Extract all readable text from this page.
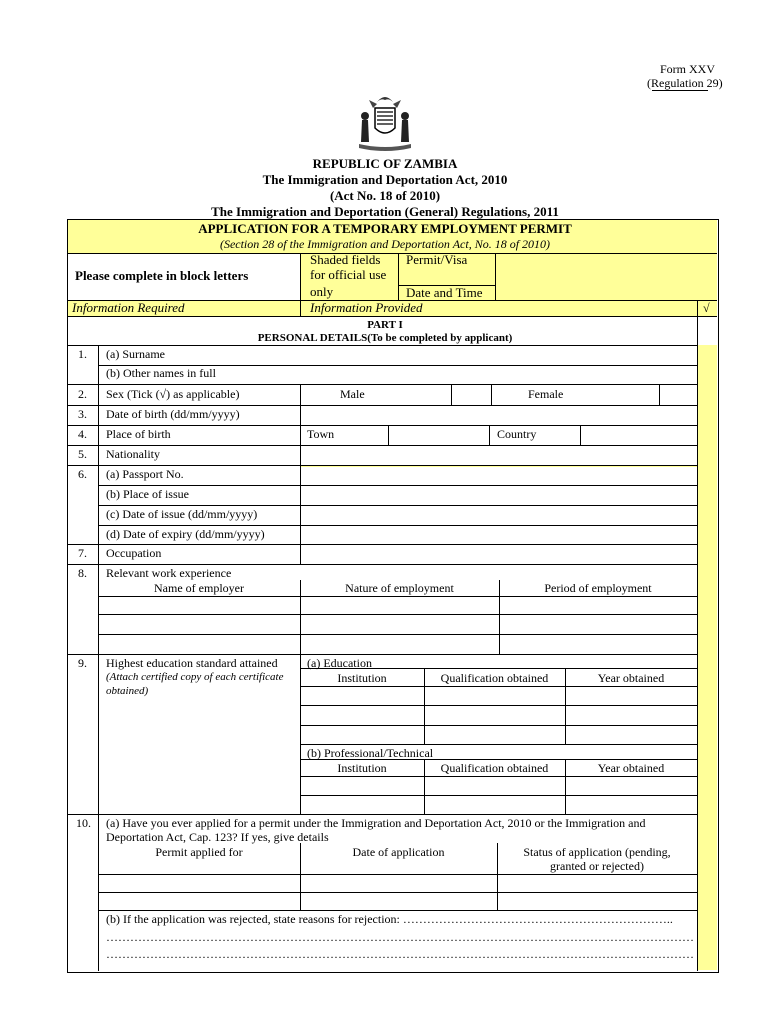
Form XXV
(Regulation 29)
REPUBLIC OF ZAMBIA
The Immigration and Deportation Act, 2010
(Act No. 18 of 2010)
The Immigration and Deportation (General) Regulations, 2011
APPLICATION FOR A TEMPORARY EMPLOYMENT PERMIT
(Section 28 of the Immigration and Deportation Act, No. 18 of 2010)
Please complete in block letters
Shaded fields
for official use
only
Permit/Visa
Date and Time
Information Required	Information Provided	√
PART I
PERSONAL DETAILS(To be completed by applicant)
1. (a) Surname
(b) Other names in full
2. Sex (Tick (√) as applicable)	Male	Female
3. Date of birth (dd/mm/yyyy)
4. Place of birth	Town	Country
5. Nationality
6. (a) Passport No.
(b) Place of issue
(c) Date of issue (dd/mm/yyyy)
(d) Date of expiry (dd/mm/yyyy)
7. Occupation
8. Relevant work experience
Name of employer	Nature of employment	Period of employment
9. Highest education standard attained
(Attach certified copy of each certificate
obtained)
(a) Education
Institution	Qualification obtained	Year obtained
(b) Professional/Technical
Institution	Qualification obtained	Year obtained
10. (a) Have you ever applied for a permit under the Immigration and Deportation Act, 2010 or the Immigration and
Deportation Act, Cap. 123? If yes, give details
Permit applied for	Date of application	Status of application (pending,
granted or rejected)
(b) If the application was rejected, state reasons for rejection: …………………………………………………………..
…………………………………………………………………………………………………………………………………
…………………………………………………………………………………………………………………………………
